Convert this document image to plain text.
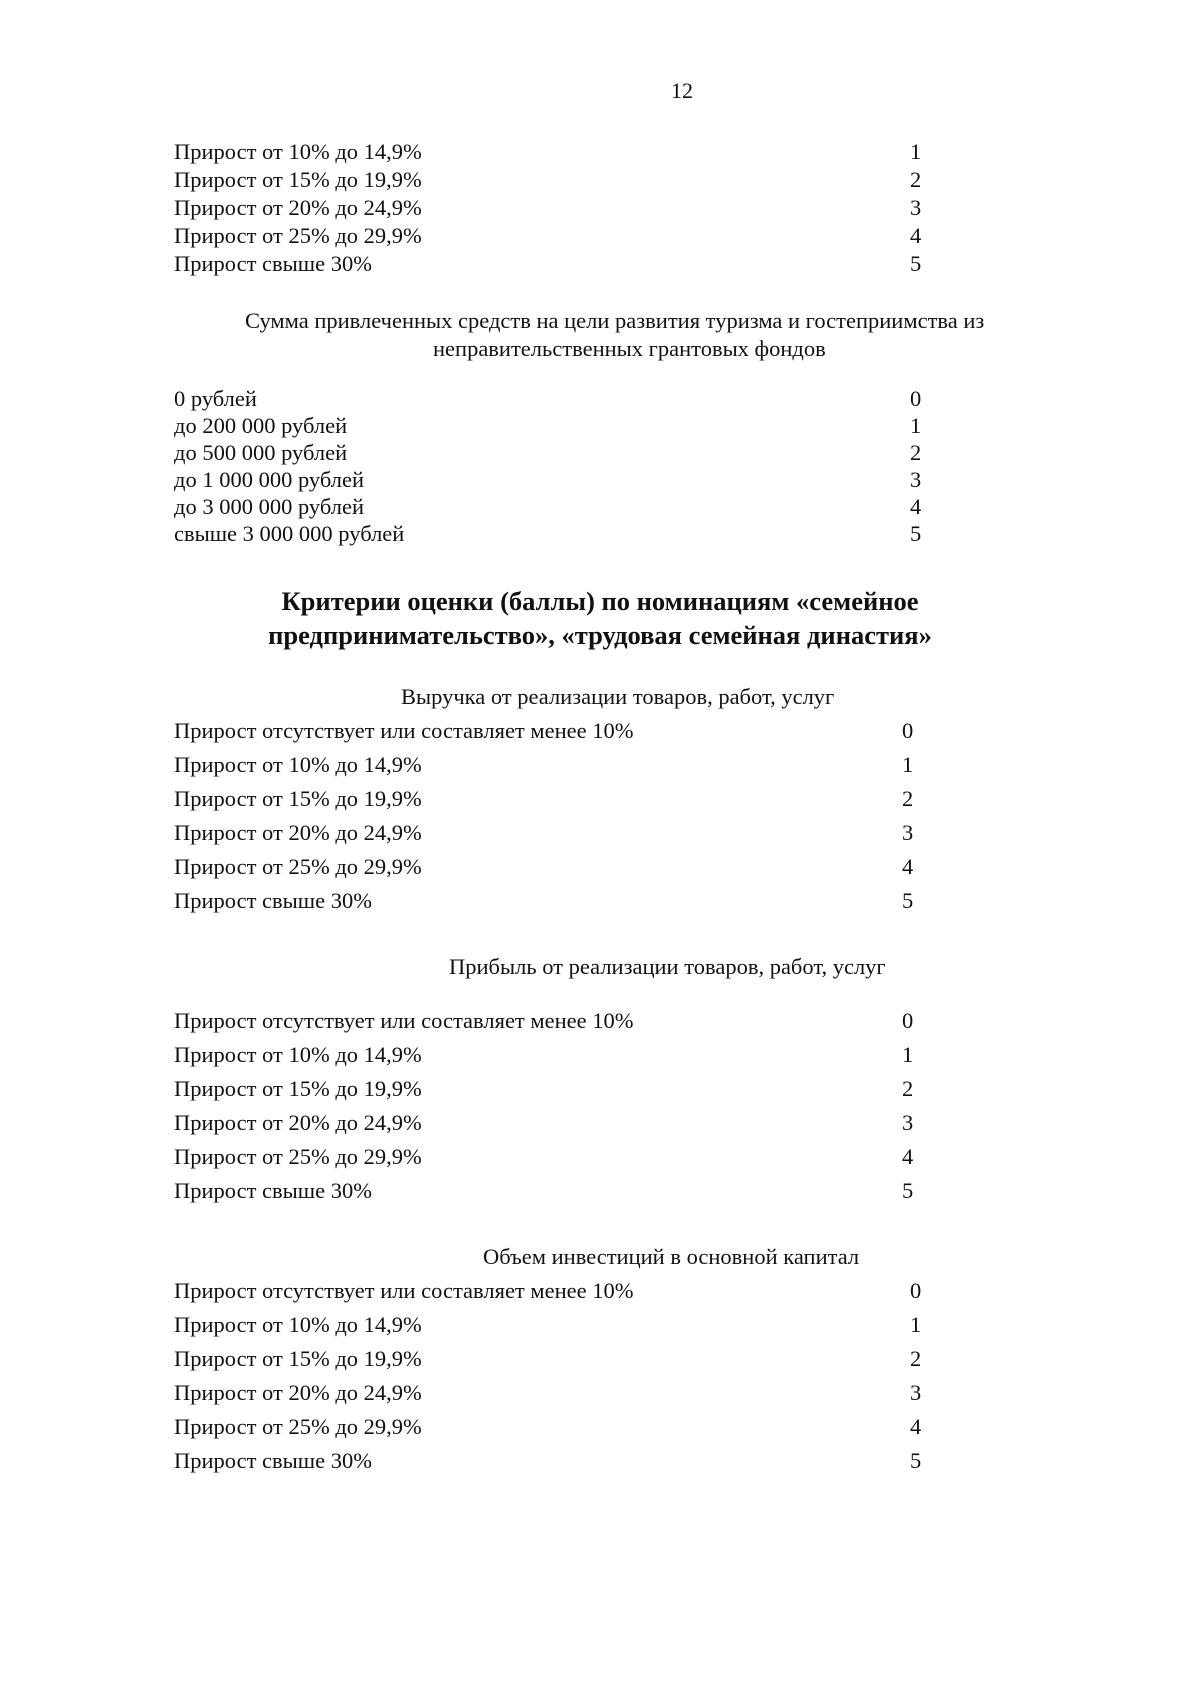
12
Прирост от 10% до 14,9%	1
Прирост от 15% до 19,9%	2
Прирост от 20% до 24,9%	3
Прирост от 25% до 29,9%	4
Прирост свыше 30%	5
Сумма привлеченных средств на цели развития туризма и гостеприимства из
неправительственных грантовых фондов
0 рублей	0
до 200 000 рублей	1
до 500 000 рублей	2
до 1 000 000 рублей	3
до 3 000 000 рублей	4
свыше 3 000 000 рублей	5
Критерии оценки (баллы) по номинациям «семейное
предпринимательство», «трудовая семейная династия»
Выручка от реализации товаров, работ, услуг
Прирост отсутствует или составляет менее 10%	0
Прирост от 10% до 14,9%	1
Прирост от 15% до 19,9%	2
Прирост от 20% до 24,9%	3
Прирост от 25% до 29,9%	4
Прирост свыше 30%	5
Прибыль от реализации товаров, работ, услуг
Прирост отсутствует или составляет менее 10%	0
Прирост от 10% до 14,9%	1
Прирост от 15% до 19,9%	2
Прирост от 20% до 24,9%	3
Прирост от 25% до 29,9%	4
Прирост свыше 30%	5
Объем инвестиций в основной капитал
Прирост отсутствует или составляет менее 10%	0
Прирост от 10% до 14,9%	1
Прирост от 15% до 19,9%	2
Прирост от 20% до 24,9%	3
Прирост от 25% до 29,9%	4
Прирост свыше 30%	5
